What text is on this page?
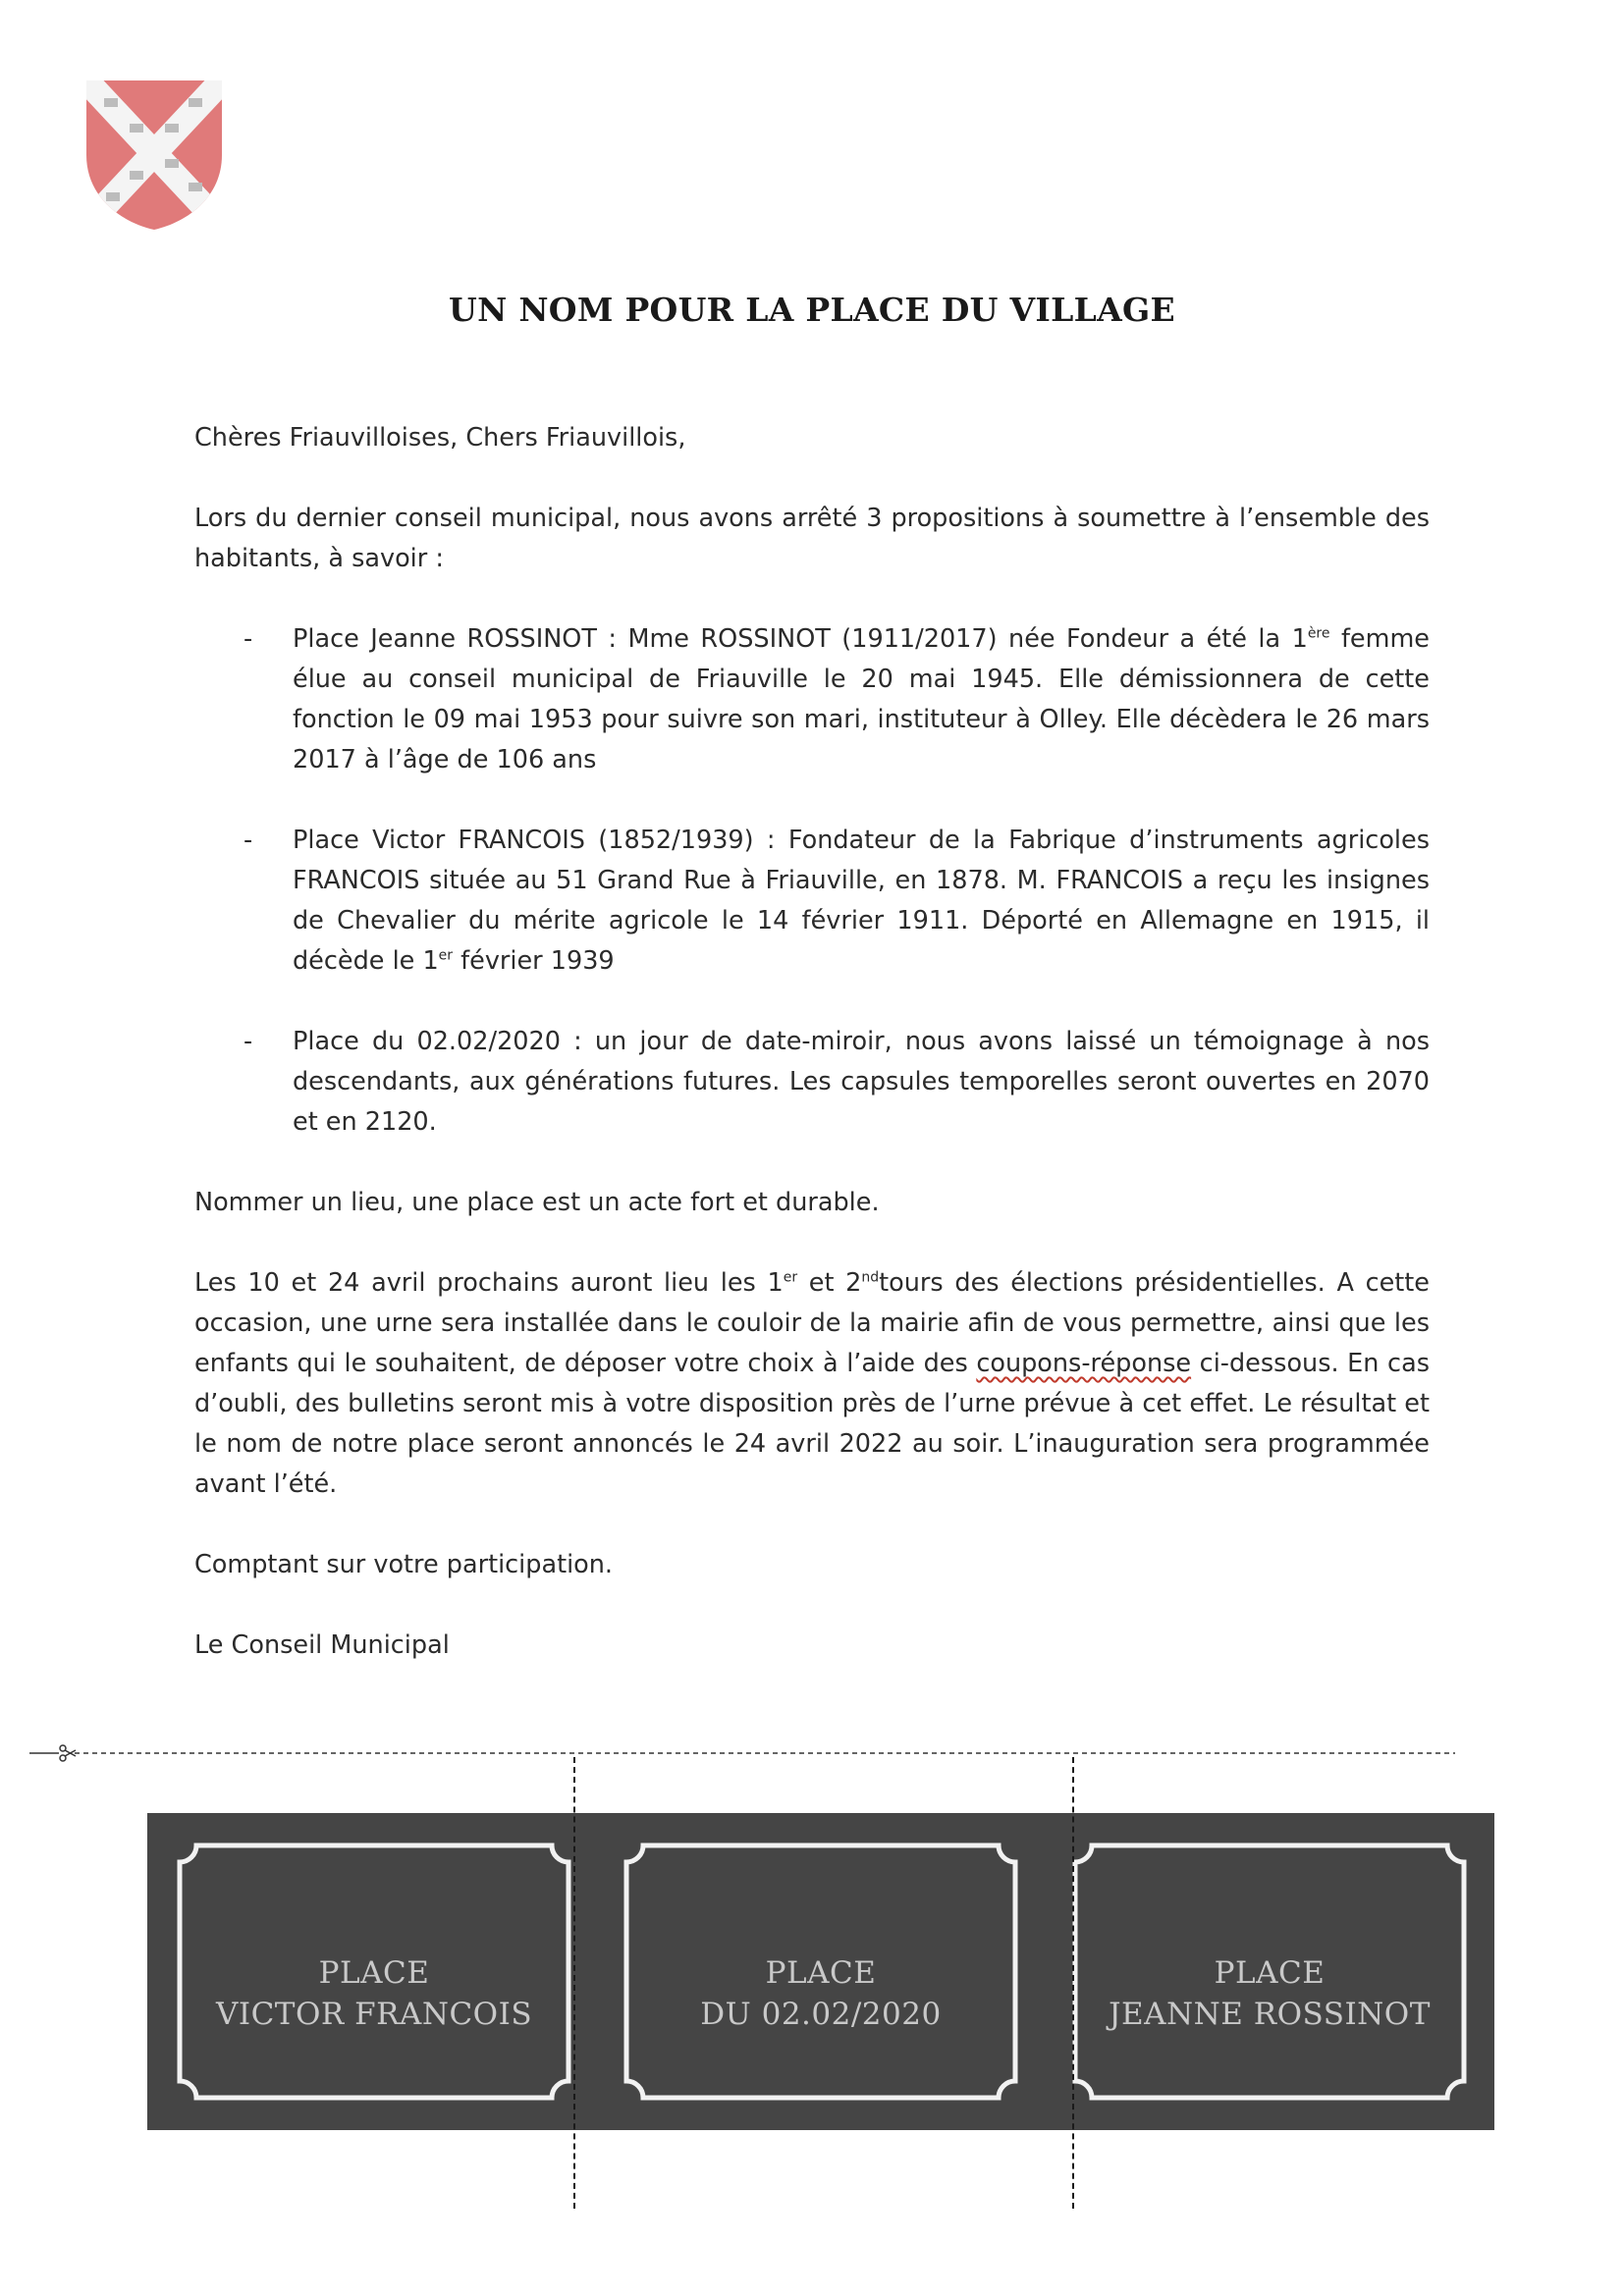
UN NOM POUR LA PLACE DU VILLAGE

Chères Friauvilloises, Chers Friauvillois,

Lors du dernier conseil municipal, nous avons arrêté 3 propositions à soumettre à l’ensemble des habitants, à savoir :

- Place Jeanne ROSSINOT : Mme ROSSINOT (1911/2017) née Fondeur a été la 1ère femme élue au conseil municipal de Friauville le 20 mai 1945. Elle démissionnera de cette fonction le 09 mai 1953 pour suivre son mari, instituteur à Olley. Elle décèdera le 26 mars 2017 à l’âge de 106 ans
- Place Victor FRANCOIS (1852/1939) : Fondateur de la Fabrique d’instruments agricoles FRANCOIS située au 51 Grand Rue à Friauville, en 1878. M. FRANCOIS a reçu les insignes de Chevalier du mérite agricole le 14 février 1911. Déporté en Allemagne en 1915, il décède le 1er février 1939
- Place du 02.02/2020 : un jour de date-miroir, nous avons laissé un témoignage à nos descendants, aux générations futures. Les capsules temporelles seront ouvertes en 2070 et en 2120.

Nommer un lieu, une place est un acte fort et durable.

Les 10 et 24 avril prochains auront lieu les 1er et 2ndtours des élections présidentielles. A cette occasion, une urne sera installée dans le couloir de la mairie afin de vous permettre, ainsi que les enfants qui le souhaitent, de déposer votre choix à l’aide des coupons-réponse ci-dessous. En cas d’oubli, des bulletins seront mis à votre disposition près de l’urne prévue à cet effet. Le résultat et le nom de notre place seront annoncés le 24 avril 2022 au soir. L’inauguration sera programmée avant l’été.

Comptant sur votre participation.

Le Conseil Municipal

PLACE
VICTOR FRANCOIS
PLACE
DU 02.02/2020
PLACE
JEANNE ROSSINOT
